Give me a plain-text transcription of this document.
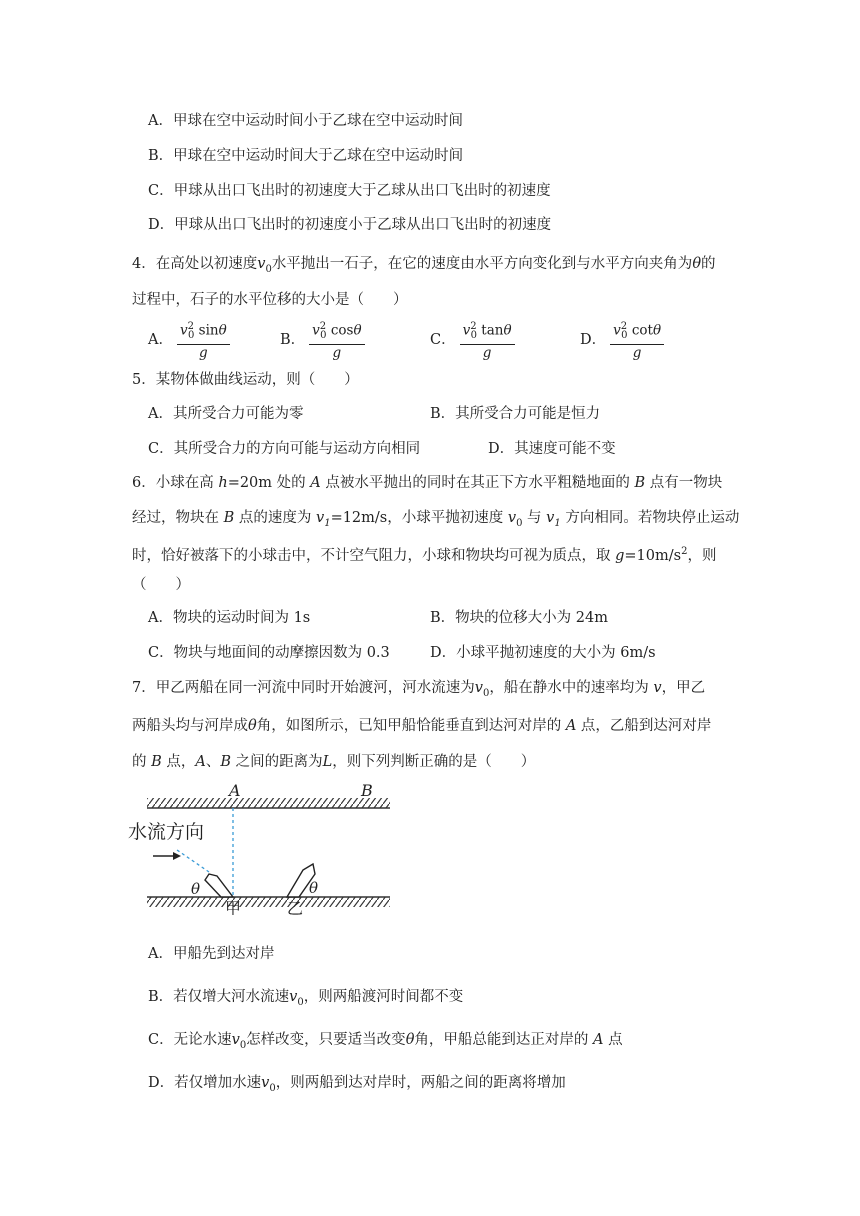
A．甲球在空中运动时间小于乙球在空中运动时间
B．甲球在空中运动时间大于乙球在空中运动时间
C．甲球从出口飞出时的初速度大于乙球从出口飞出时的初速度
D．甲球从出口飞出时的初速度小于乙球从出口飞出时的初速度
4．在高处以初速度$v_0$水平抛出一石子，在它的速度由水平方向变化到与水平方向夹角为θ的
过程中，石子的水平位移的大小是（　　）
A． $\frac{v^2_0 \sin\theta}{g}$	B． $\frac{v^2_0 \cos\theta}{g}$	C． $\frac{v^2_0 \tan\theta}{g}$	D． $\frac{v^2_0 \cot\theta}{g}$
5．某物体做曲线运动，则（　　）
A．其所受合力可能为零	B．其所受合力可能是恒力
C．其所受合力的方向可能与运动方向相同	D．其速度可能不变
6．小球在高 h=20m 处的 A 点被水平抛出的同时在其正下方水平粗糙地面的 B 点有一物块
经过，物块在 B 点的速度为 $v_1=12m/s$，小球平抛初速度 $v_0$ 与 $v_1$ 方向相同。若物块停止运动
时，恰好被落下的小球击中，不计空气阻力，小球和物块均可视为质点，取 $g=10m/s^2$，则
（　　）
A．物块的运动时间为 1s	B．物块的位移大小为 24m
C．物块与地面间的动摩擦因数为 0.3	D．小球平抛初速度的大小为 6m/s
7．甲乙两船在同一河流中同时开始渡河，河水流速为$v_0$，船在静水中的速率均为 v，甲乙
两船头均与河岸成θ角，如图所示，已知甲船恰能垂直到达河对岸的 A 点，乙船到达河对岸
的 B 点，A、B 之间的距离为L，则下列判断正确的是（　　）
A	B
水流方向
θ	θ
甲	乙
A．甲船先到达对岸
B．若仅增大河水流速$v_0$，则两船渡河时间都不变
C．无论水速$v_0$怎样改变，只要适当改变θ角，甲船总能到达正对岸的 A 点
D．若仅增加水速$v_0$，则两船到达对岸时，两船之间的距离将增加
